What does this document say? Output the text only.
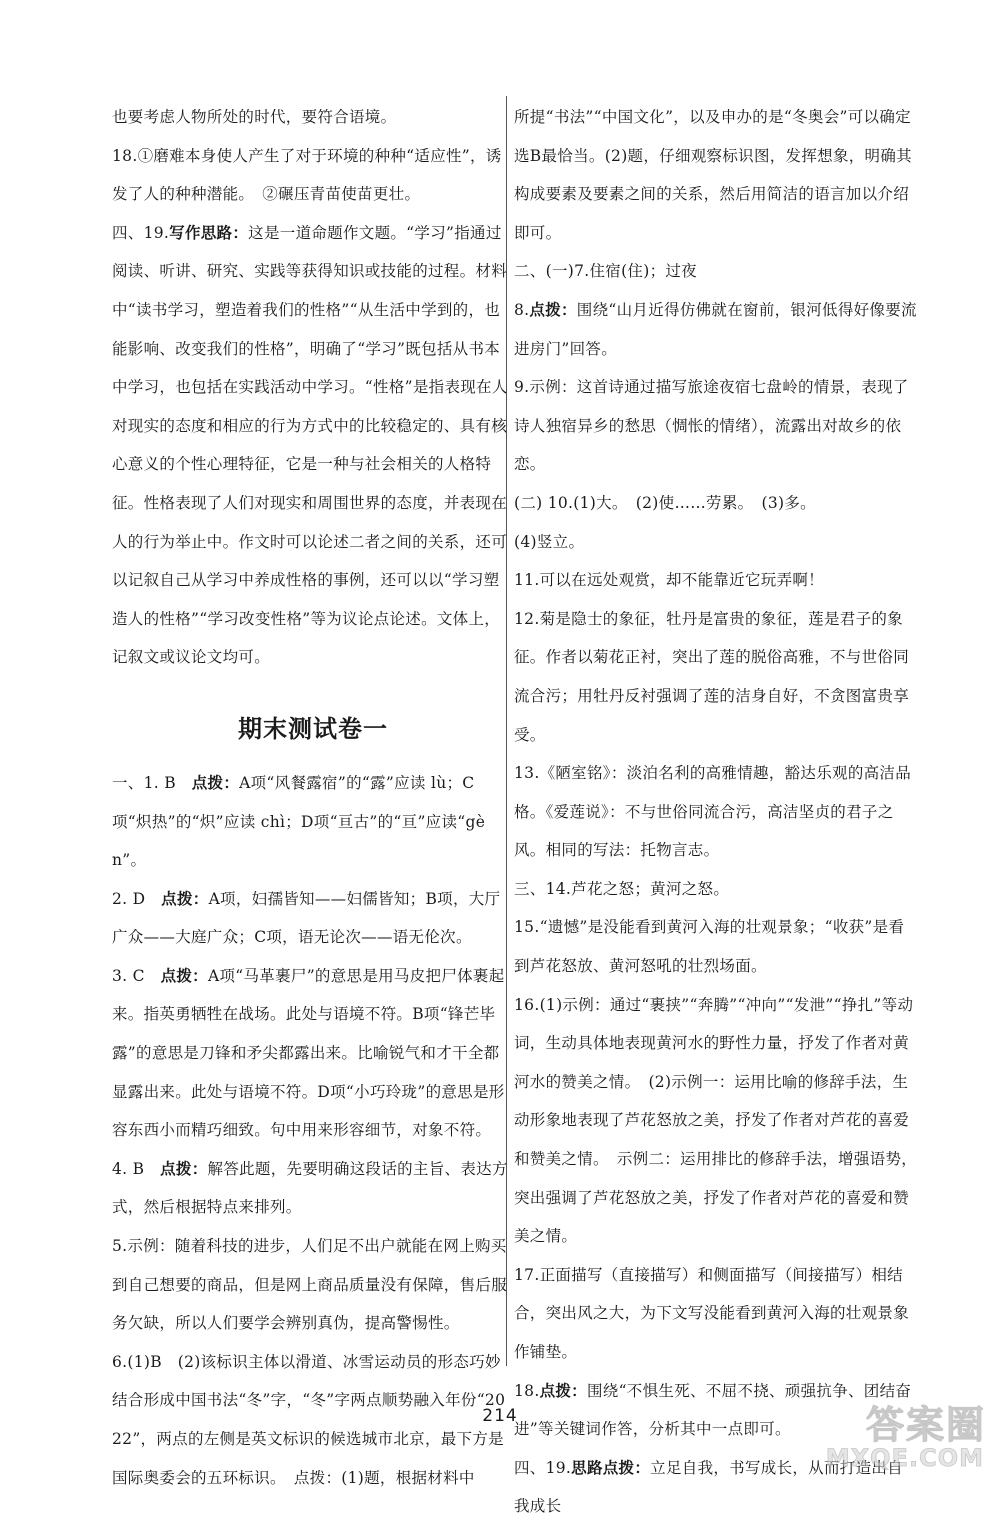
也要考虑人物所处的时代，要符合语境。

18.①磨难本身使人产生了对于环境的种种“适应性”，诱发了人的种种潜能。　②碾压青苗使苗更壮。

四、19.写作思路：这是一道命题作文题。“学习”指通过阅读、听讲、研究、实践等获得知识或技能的过程。材料中“读书学习，塑造着我们的性格”“从生活中学到的，也能影响、改变我们的性格”，明确了“学习”既包括从书本中学习，也包括在实践活动中学习。“性格”是指表现在人对现实的态度和相应的行为方式中的比较稳定的、具有核心意义的个性心理特征，它是一种与社会相关的人格特征。性格表现了人们对现实和周围世界的态度，并表现在人的行为举止中。作文时可以论述二者之间的关系，还可以记叙自己从学习中养成性格的事例，还可以以“学习塑造人的性格”“学习改变性格”等为议论点论述。文体上，记叙文或议论文均可。

期末测试卷一

一、1. B　点拨：A项“风餐露宿”的“露”应读 lù；C项“炽热”的“炽”应读 chì；D项“亘古”的“亘”应读“gèn”。

2. D　点拨：A项，妇孺皆知——妇儒皆知；B项，大厅广众——大庭广众；C项，语无论次——语无伦次。

3. C　点拨：A项“马革裹尸”的意思是用马皮把尸体裹起来。指英勇牺牲在战场。此处与语境不符。B项“锋芒毕露”的意思是刀锋和矛尖都露出来。比喻锐气和才干全都显露出来。此处与语境不符。D项“小巧玲珑”的意思是形容东西小而精巧细致。句中用来形容细节，对象不符。

4. B　点拨：解答此题，先要明确这段话的主旨、表达方式，然后根据特点来排列。

5.示例：随着科技的进步，人们足不出户就能在网上购买到自己想要的商品，但是网上商品质量没有保障，售后服务欠缺，所以人们要学会辨别真伪，提高警惕性。

6.(1)B　(2)该标识主体以滑道、冰雪运动员的形态巧妙结合形成中国书法“冬”字，“冬”字两点顺势融入年份“2022”，两点的左侧是英文标识的候选城市北京，最下方是国际奥委会的五环标识。　点拨：(1)题，根据材料中

所提“书法”“中国文化”，以及申办的是“冬奥会”可以确定选B最恰当。(2)题，仔细观察标识图，发挥想象，明确其构成要素及要素之间的关系，然后用简洁的语言加以介绍即可。

二、(一)7.住宿(住)；过夜

8.点拨：围绕“山月近得仿佛就在窗前，银河低得好像要流进房门”回答。

9.示例：这首诗通过描写旅途夜宿七盘岭的情景，表现了诗人独宿异乡的愁思（惆怅的情绪），流露出对故乡的依恋。

(二) 10.(1)大。　(2)使……劳累。　(3)多。

(4)竖立。

11.可以在远处观赏，却不能靠近它玩弄啊！

12.菊是隐士的象征，牡丹是富贵的象征，莲是君子的象征。作者以菊花正衬，突出了莲的脱俗高雅，不与世俗同流合污；用牡丹反衬强调了莲的洁身自好，不贪图富贵享受。

13.《陋室铭》：淡泊名利的高雅情趣，豁达乐观的高洁品格。《爱莲说》：不与世俗同流合污，高洁坚贞的君子之风。相同的写法：托物言志。

三、14.芦花之怒；黄河之怒。

15.“遗憾”是没能看到黄河入海的壮观景象；“收获”是看到芦花怒放、黄河怒吼的壮烈场面。

16.(1)示例：通过“裹挟”“奔腾”“冲向”“发泄”“挣扎”等动词，生动具体地表现黄河水的野性力量，抒发了作者对黄河水的赞美之情。　(2)示例一：运用比喻的修辞手法，生动形象地表现了芦花怒放之美，抒发了作者对芦花的喜爱和赞美之情。　示例二：运用排比的修辞手法，增强语势，突出强调了芦花怒放之美，抒发了作者对芦花的喜爱和赞美之情。

17.正面描写（直接描写）和侧面描写（间接描写）相结合，突出风之大，为下文写没能看到黄河入海的壮观景象作铺垫。

18.点拨：围绕“不惧生死、不屈不挠、顽强抗争、团结奋进”等关键词作答，分析其中一点即可。

四、19.思路点拨：立足自我，书写成长，从而打造出自我成长

214	答案圈
MXQE.COM
